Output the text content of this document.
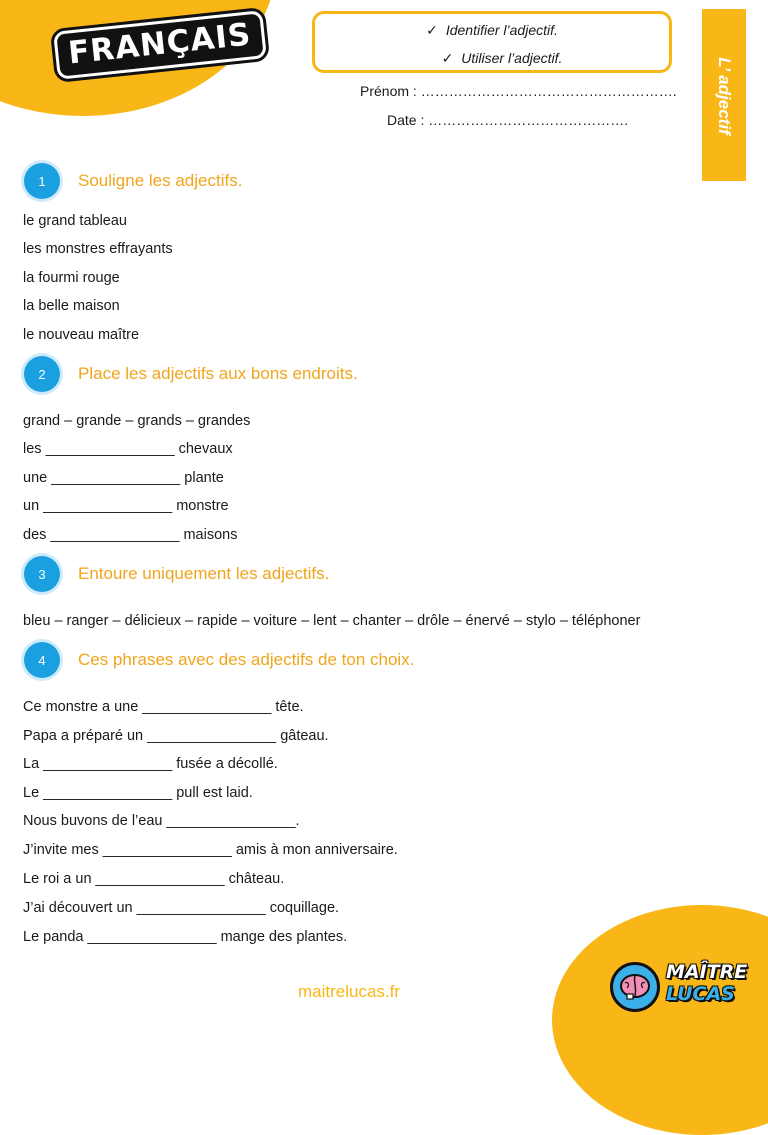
FRANÇAIS	✓ Identifier l’adjectif.
✓ Utiliser l’adjectif.
Prénom : ……………………………………………….
Date : …………………………………….	L’ adjectif
1	Souligne les adjectifs.
le grand tableau
les monstres effrayants
la fourmi rouge
la belle maison
le nouveau maître
2	Place les adjectifs aux bons endroits.
grand – grande – grands – grandes
les ________________ chevaux
une ________________ plante
un ________________ monstre
des ________________ maisons
3	Entoure uniquement les adjectifs.
bleu – ranger – délicieux – rapide – voiture – lent – chanter – drôle – énervé – stylo – téléphoner
4	Ces phrases avec des adjectifs de ton choix.
Ce monstre a une ________________ tête.
Papa a préparé un ________________ gâteau.
La ________________ fusée a décollé.
Le ________________ pull est laid.
Nous buvons de l’eau ________________.
J’invite mes ________________ amis à mon anniversaire.
Le roi a un ________________ château.
J’ai découvert un ________________ coquillage.
Le panda ________________ mange des plantes.
maitrelucas.fr
MAÎTRE
LUCAS
